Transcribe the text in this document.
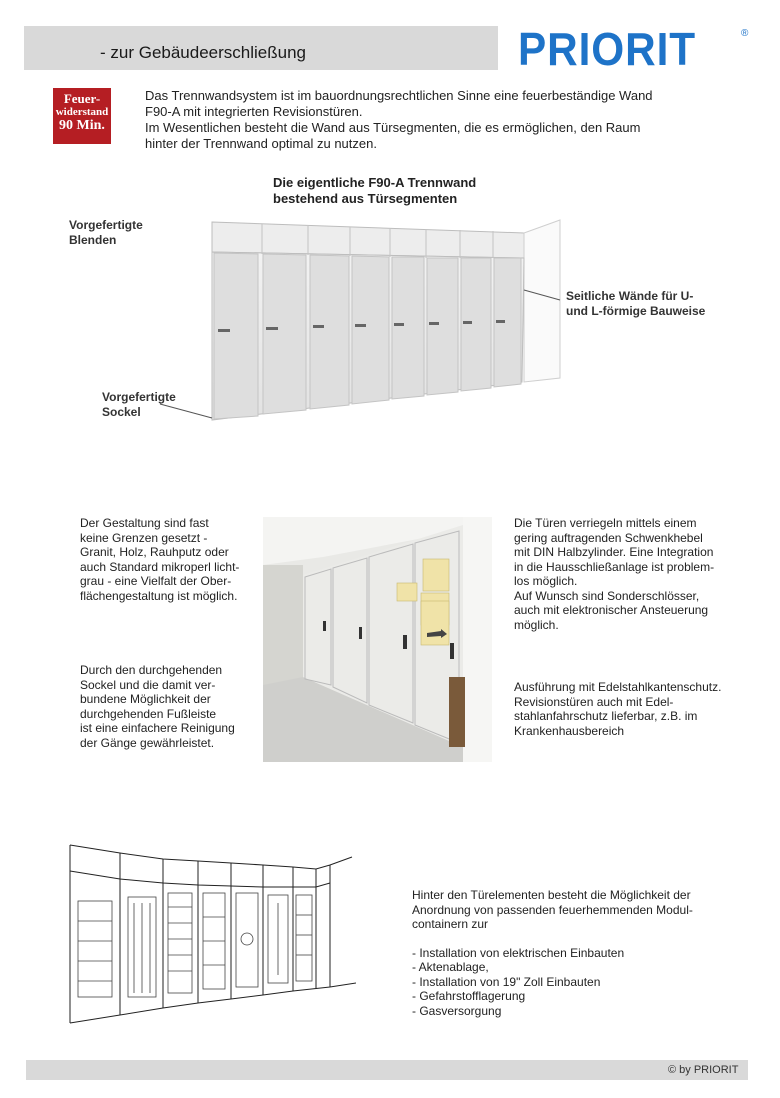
- zur Gebäudeerschließung	PRIORIT	®
Feuer-
widerstand
90 Min.

Das Trennwandsystem ist im bauordnungsrechtlichen Sinne eine feuerbeständige Wand

F90-A mit integrierten Revisionstüren.

Im Wesentlichen besteht die Wand aus Türsegmenten, die es ermöglichen, den Raum

hinter der Trennwand optimal zu nutzen.

Die eigentliche F90-A Trennwand
bestehend aus Türsegmenten
Vorgefertigte
Blenden
Seitliche Wände für U-
und L-förmige Bauweise
Vorgefertigte
Sockel
Der Gestaltung sind fast
keine Grenzen gesetzt -
Granit, Holz, Rauhputz oder
auch Standard mikroperl licht-
grau - eine Vielfalt der Ober-
flächengestaltung ist möglich.
Durch den durchgehenden
Sockel und die damit ver-
bundene Möglichkeit der
durchgehenden Fußleiste
ist eine einfachere Reinigung
der Gänge gewährleistet.
Die Türen verriegeln mittels einem
gering auftragenden Schwenkhebel
mit DIN Halbzylinder. Eine Integration
in die Hausschließanlage ist problem-
los möglich.
Auf Wunsch sind Sonderschlösser,
auch mit elektronischer Ansteuerung
möglich.
Ausführung mit Edelstahlkantenschutz.
Revisionstüren auch mit Edel-
stahlanfahrschutz lieferbar, z.B. im
Krankenhausbereich
Hinter den Türelementen besteht die Möglichkeit der
Anordnung von passenden feuerhemmenden Modul-
containern zur
- Installation von elektrischen Einbauten
- Aktenablage,
- Installation von 19" Zoll Einbauten
- Gefahrstofflagerung
- Gasversorgung
© by PRIORIT
